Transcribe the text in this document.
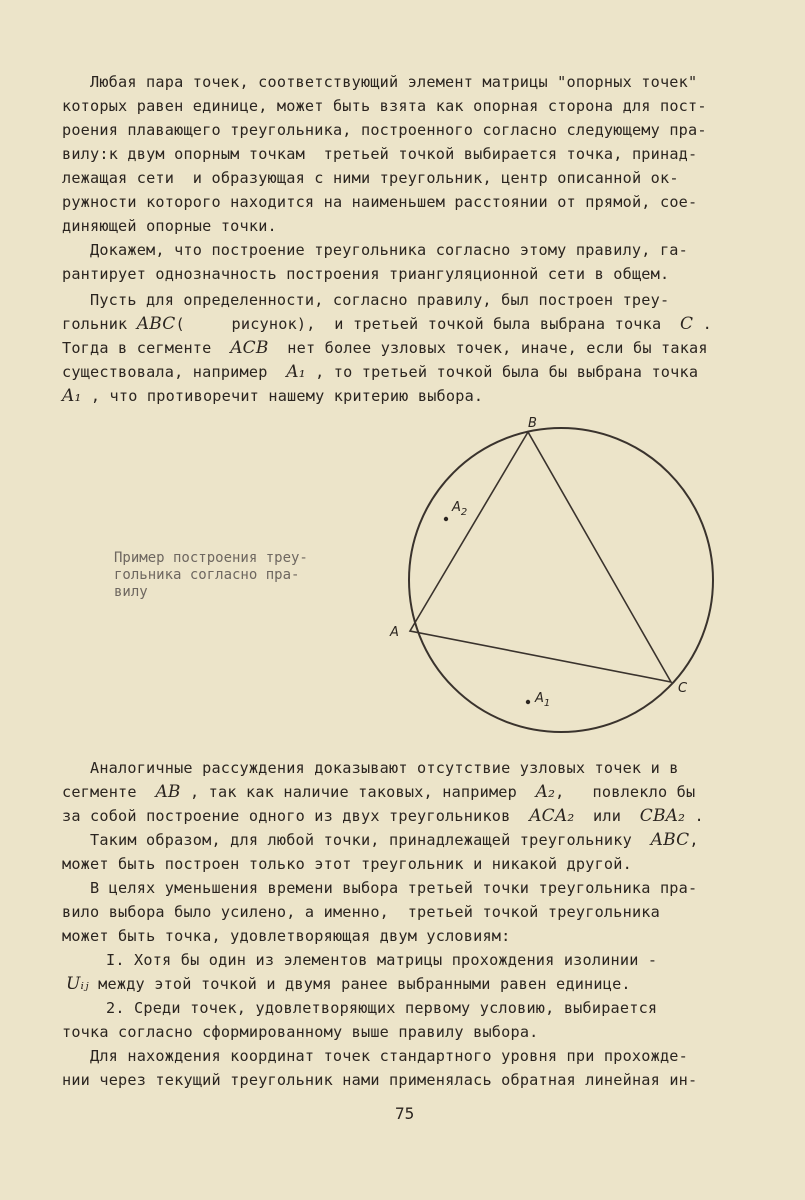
Любая пара точек, соответствующий элемент матрицы "опорных точек"
которых равен единице, может быть взята как опорная сторона для пост-
роения плавающего треугольника, построенного согласно следующему пра-
вилу:к двум опорным точкам  третьей точкой выбирается точка, принад-
лежащая сети  и образующая с ними треугольник, центр описанной ок-
ружности которого находится на наименьшем расстоянии от прямой, сое-
диняющей опорные точки.
Докажем, что построение треугольника согласно этому правилу, га-
рантирует однозначность построения триангуляционной сети в общем.
Пусть для определенности, согласно правилу, был построен треу-
гольник ABC(     рисунок),  и третьей точкой была выбрана точка  C .
Тогда в сегменте  ACB  нет более узловых точек, иначе, если бы такая
существовала, например  A₁ , то третьей точкой была бы выбрана точка
A₁ , что противоречит нашему критерию выбора.
B
A
C
$A_2$
$A_1$
Пример построения треу-
гольника согласно пра-
вилу
Аналогичные рассуждения доказывают отсутствие узловых точек и в
сегменте  AB , так как наличие таковых, например  A₂,   повлекло бы
за собой построение одного из двух треугольников  ACA₂  или  CBA₂ .
Таким образом, для любой точки, принадлежащей треугольнику  ABC,
может быть построен только этот треугольник и никакой другой.
В целях уменьшения времени выбора третьей точки треугольника пра-
вило выбора было усилено, а именно,  третьей точкой треугольника
может быть точка, удовлетворяющая двум условиям:
I. Хотя бы один из элементов матрицы прохождения изолинии -
Uᵢⱼ между этой точкой и двумя ранее выбранными равен единице.
2. Среди точек, удовлетворяющих первому условию, выбирается
точка согласно сформированному выше правилу выбора.
Для нахождения координат точек стандартного уровня при прохожде-
нии через текущий треугольник нами применялась обратная линейная ин-
75
